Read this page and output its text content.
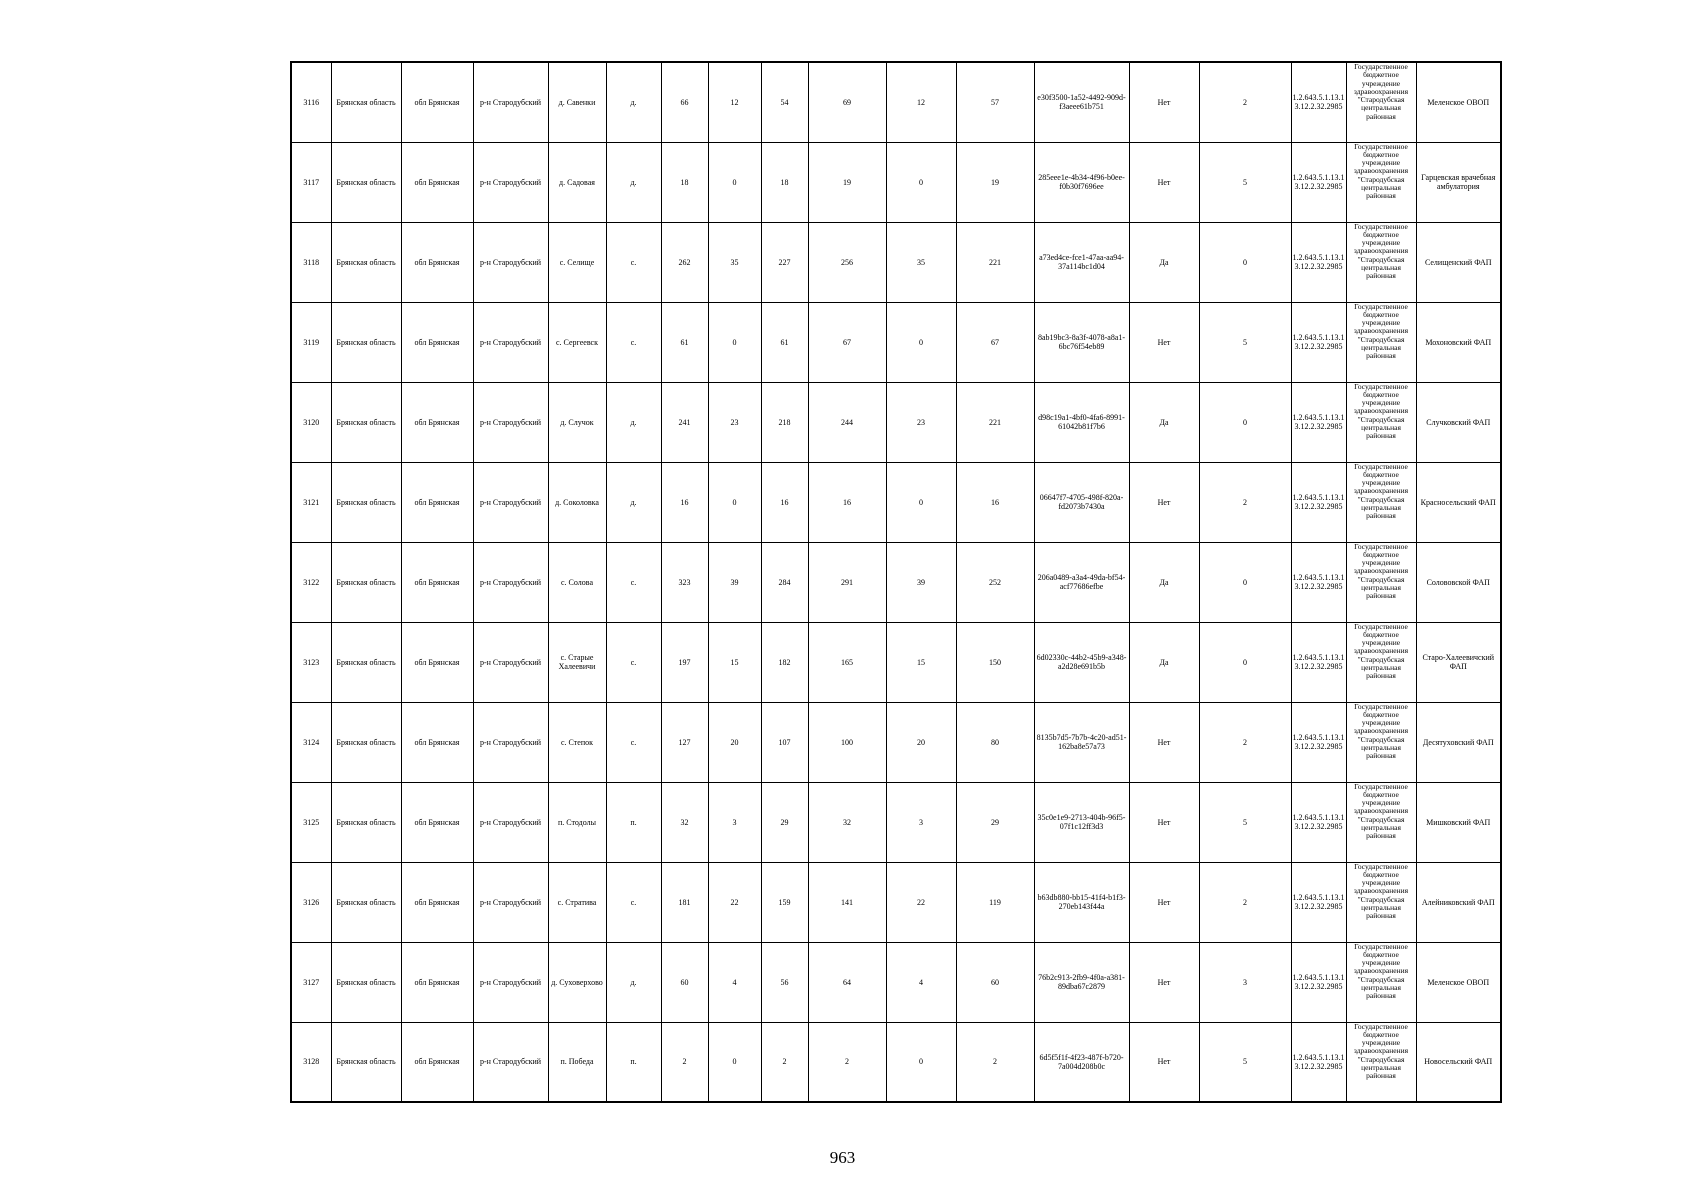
3116	Брянская область	обл Брянская	р-н Стародубский	д. Савенки	д.	66	12	54	69	12	57	e30f3500-1a52-4492-909d-f3aeee61b751	Нет	2	1.2.643.5.1.13.13.12.2.32.2985	Государственное бюджетное учреждение здравоохранения "Стародубская центральная районная	Меленское ОВОП
3117	Брянская область	обл Брянская	р-н Стародубский	д. Садовая	д.	18	0	18	19	0	19	285eee1e-4b34-4f96-b0ee-f0b30f7696ee	Нет	5	1.2.643.5.1.13.13.12.2.32.2985	Государственное бюджетное учреждение здравоохранения "Стародубская центральная районная	Гарцевская врачебная амбулатория
3118	Брянская область	обл Брянская	р-н Стародубский	с. Селище	с.	262	35	227	256	35	221	a73ed4ce-fce1-47aa-aa94-37a114bc1d04	Да	0	1.2.643.5.1.13.13.12.2.32.2985	Государственное бюджетное учреждение здравоохранения "Стародубская центральная районная	Селищенский ФАП
3119	Брянская область	обл Брянская	р-н Стародубский	с. Сергеевск	с.	61	0	61	67	0	67	8ab19bc3-8a3f-4078-a8a1-6bc76f54eb89	Нет	5	1.2.643.5.1.13.13.12.2.32.2985	Государственное бюджетное учреждение здравоохранения "Стародубская центральная районная	Мохоновский ФАП
3120	Брянская область	обл Брянская	р-н Стародубский	д. Случок	д.	241	23	218	244	23	221	d98c19a1-4bf0-4fa6-8991-61042b81f7b6	Да	0	1.2.643.5.1.13.13.12.2.32.2985	Государственное бюджетное учреждение здравоохранения "Стародубская центральная районная	Случковский ФАП
3121	Брянская область	обл Брянская	р-н Стародубский	д. Соколовка	д.	16	0	16	16	0	16	06647f7-4705-498f-820a-fd2073b7430a	Нет	2	1.2.643.5.1.13.13.12.2.32.2985	Государственное бюджетное учреждение здравоохранения "Стародубская центральная районная	Красносельский ФАП
3122	Брянская область	обл Брянская	р-н Стародубский	с. Солова	с.	323	39	284	291	39	252	206a0489-a3a4-49da-bf54-acf77686efbe	Да	0	1.2.643.5.1.13.13.12.2.32.2985	Государственное бюджетное учреждение здравоохранения "Стародубская центральная районная	Солововской ФАП
3123	Брянская область	обл Брянская	р-н Стародубский	с. Старые Халеевичи	с.	197	15	182	165	15	150	6d02330c-44b2-45b9-a348-a2d28e691b5b	Да	0	1.2.643.5.1.13.13.12.2.32.2985	Государственное бюджетное учреждение здравоохранения "Стародубская центральная районная	Старо-Халеевичский ФАП
3124	Брянская область	обл Брянская	р-н Стародубский	с. Степок	с.	127	20	107	100	20	80	8135b7d5-7b7b-4c20-ad51-162ba8e57a73	Нет	2	1.2.643.5.1.13.13.12.2.32.2985	Государственное бюджетное учреждение здравоохранения "Стародубская центральная районная	Десятуховский ФАП
3125	Брянская область	обл Брянская	р-н Стародубский	п. Стодолы	п.	32	3	29	32	3	29	35c0e1e9-2713-404b-96f5-07f1c12ff3d3	Нет	5	1.2.643.5.1.13.13.12.2.32.2985	Государственное бюджетное учреждение здравоохранения "Стародубская центральная районная	Мишковский ФАП
3126	Брянская область	обл Брянская	р-н Стародубский	с. Стратива	с.	181	22	159	141	22	119	b63db880-bb15-41f4-b1f3-270eb143f44a	Нет	2	1.2.643.5.1.13.13.12.2.32.2985	Государственное бюджетное учреждение здравоохранения "Стародубская центральная районная	Алейниковский ФАП
3127	Брянская область	обл Брянская	р-н Стародубский	д. Суховерхово	д.	60	4	56	64	4	60	76b2c913-2fb9-4f0a-a381-89dba67c2879	Нет	3	1.2.643.5.1.13.13.12.2.32.2985	Государственное бюджетное учреждение здравоохранения "Стародубская центральная районная	Меленское ОВОП
3128	Брянская область	обл Брянская	р-н Стародубский	п. Победа	п.	2	0	2	2	0	2	6d5f5f1f-4f23-487f-b720-7a004d208b0c	Нет	5	1.2.643.5.1.13.13.12.2.32.2985	Государственное бюджетное учреждение здравоохранения "Стародубская центральная районная	Новосельский ФАП
963
